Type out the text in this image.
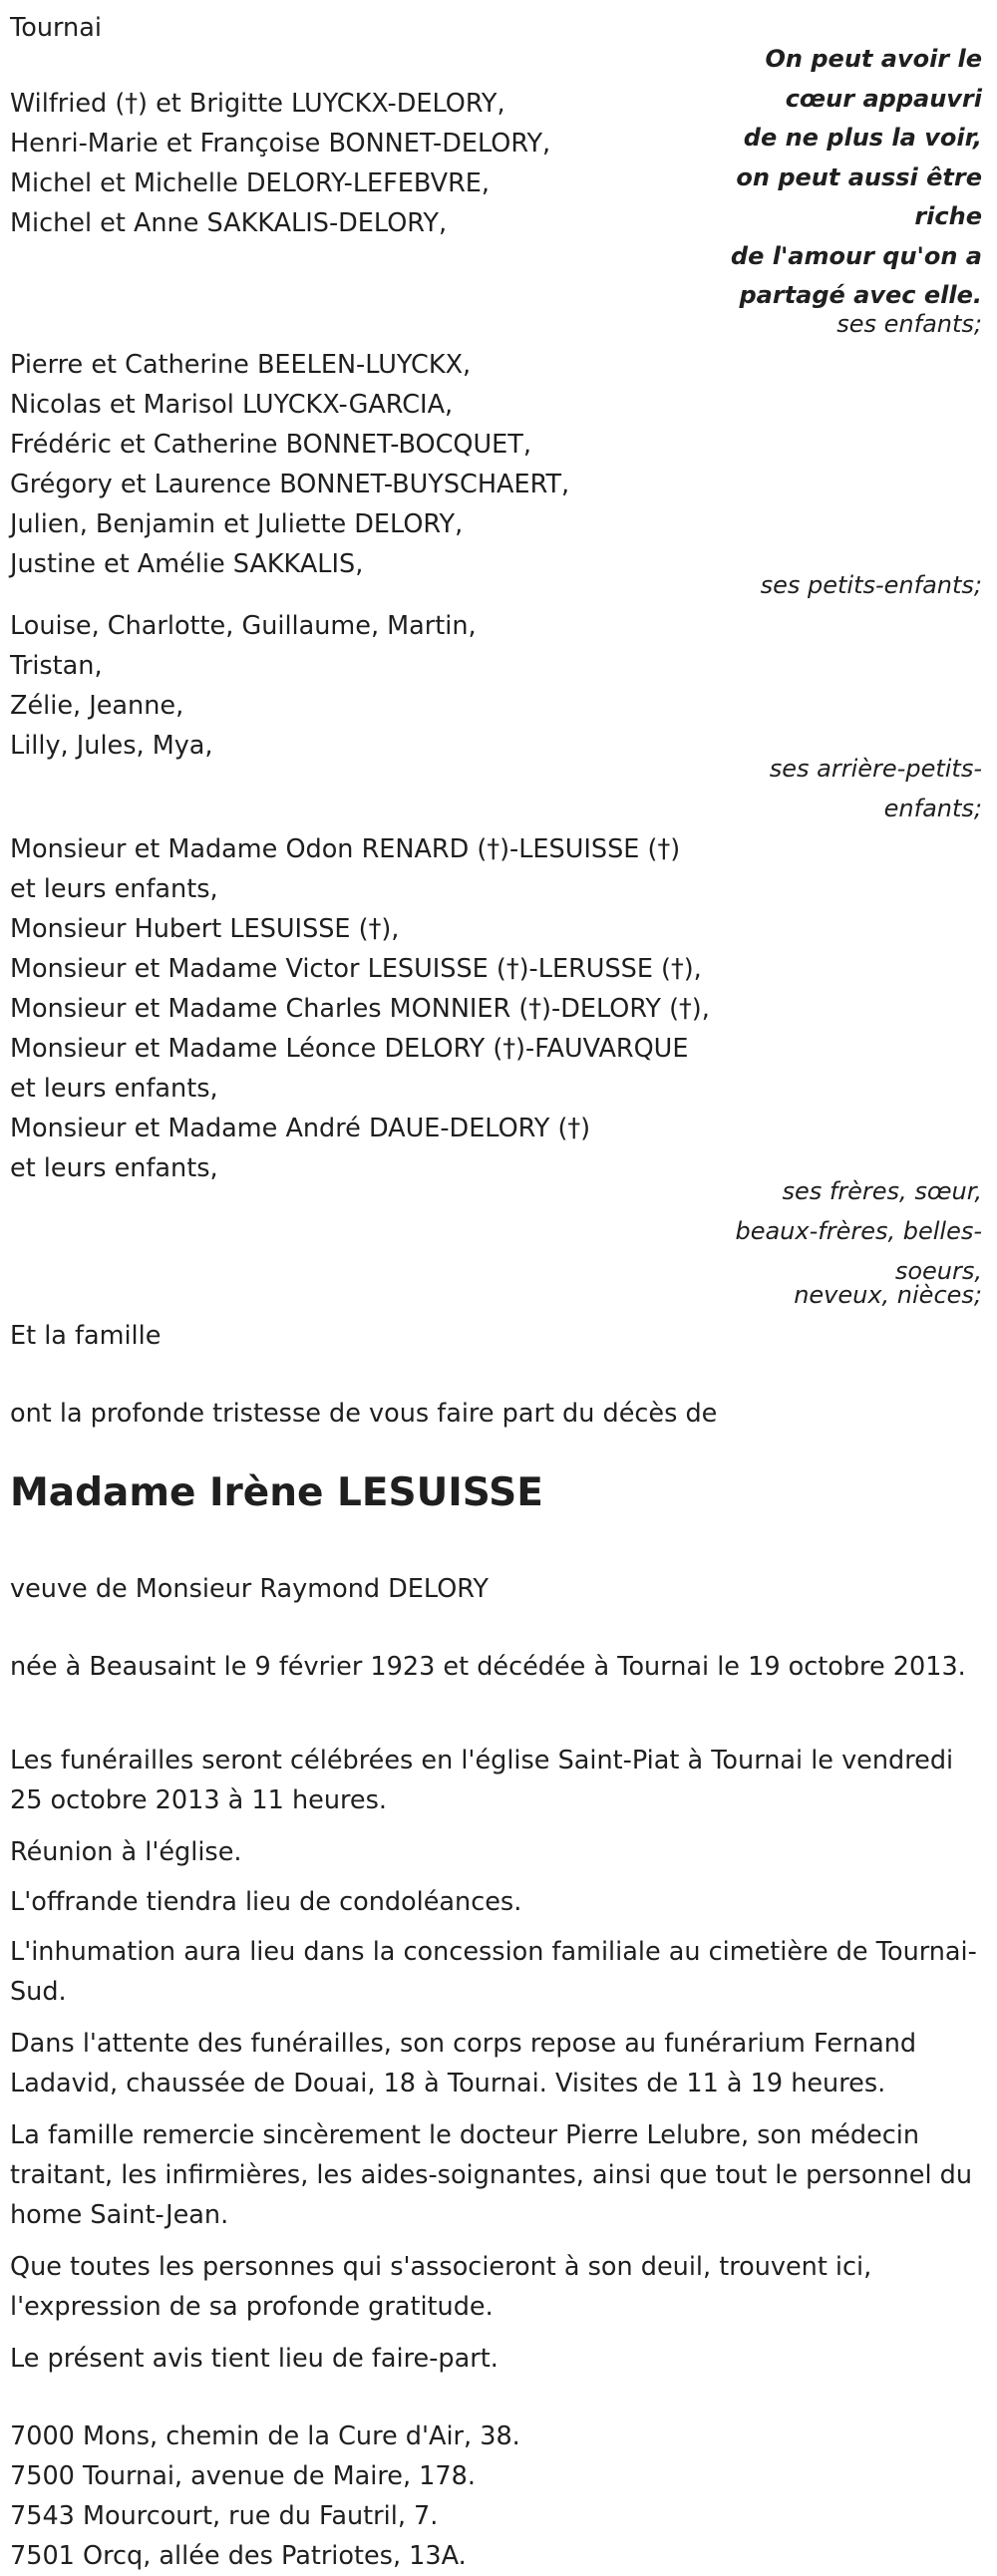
Tournai
On peut avoir le
cœur appauvri
de ne plus la voir,
on peut aussi être
riche
de l'amour qu'on a
partagé avec elle.
Wilfried (†) et Brigitte LUYCKX-DELORY,
Henri-Marie et Françoise BONNET-DELORY,
Michel et Michelle DELORY-LEFEBVRE,
Michel et Anne SAKKALIS-DELORY,
ses enfants;
Pierre et Catherine BEELEN-LUYCKX,
Nicolas et Marisol LUYCKX-GARCIA,
Frédéric et Catherine BONNET-BOCQUET,
Grégory et Laurence BONNET-BUYSCHAERT,
Julien, Benjamin et Juliette DELORY,
Justine et Amélie SAKKALIS,
ses petits-enfants;
Louise, Charlotte, Guillaume, Martin,
Tristan,
Zélie, Jeanne,
Lilly, Jules, Mya,
ses arrière-petits-
enfants;
Monsieur et Madame Odon RENARD (†)-LESUISSE (†)
et leurs enfants,
Monsieur Hubert LESUISSE (†),
Monsieur et Madame Victor LESUISSE (†)-LERUSSE (†),
Monsieur et Madame Charles MONNIER (†)-DELORY (†),
Monsieur et Madame Léonce DELORY (†)-FAUVARQUE
et leurs enfants,
Monsieur et Madame André DAUE-DELORY (†)
et leurs enfants,
ses frères, sœur,
beaux-frères, belles-
soeurs,
neveux, nièces;
Et la famille
ont la profonde tristesse de vous faire part du décès de
Madame Irène LESUISSE
veuve de Monsieur Raymond DELORY
née à Beausaint le 9 février 1923 et décédée à Tournai le 19 octobre 2013.
Les funérailles seront célébrées en l'église Saint-Piat à Tournai le vendredi 25 octobre 2013 à 11 heures.
Réunion à l'église.
L'offrande tiendra lieu de condoléances.
L'inhumation aura lieu dans la concession familiale au cimetière de Tournai-Sud.
Dans l'attente des funérailles, son corps repose au funérarium Fernand Ladavid, chaussée de Douai, 18 à Tournai. Visites de 11 à 19 heures.
La famille remercie sincèrement le docteur Pierre Lelubre, son médecin traitant, les infirmières, les aides-soignantes, ainsi que tout le personnel du home Saint-Jean.
Que toutes les personnes qui s'associeront à son deuil, trouvent ici, l'expression de sa profonde gratitude.
Le présent avis tient lieu de faire-part.
7000 Mons, chemin de la Cure d'Air, 38.
7500 Tournai, avenue de Maire, 178.
7543 Mourcourt, rue du Fautril, 7.
7501 Orcq, allée des Patriotes, 13A.
